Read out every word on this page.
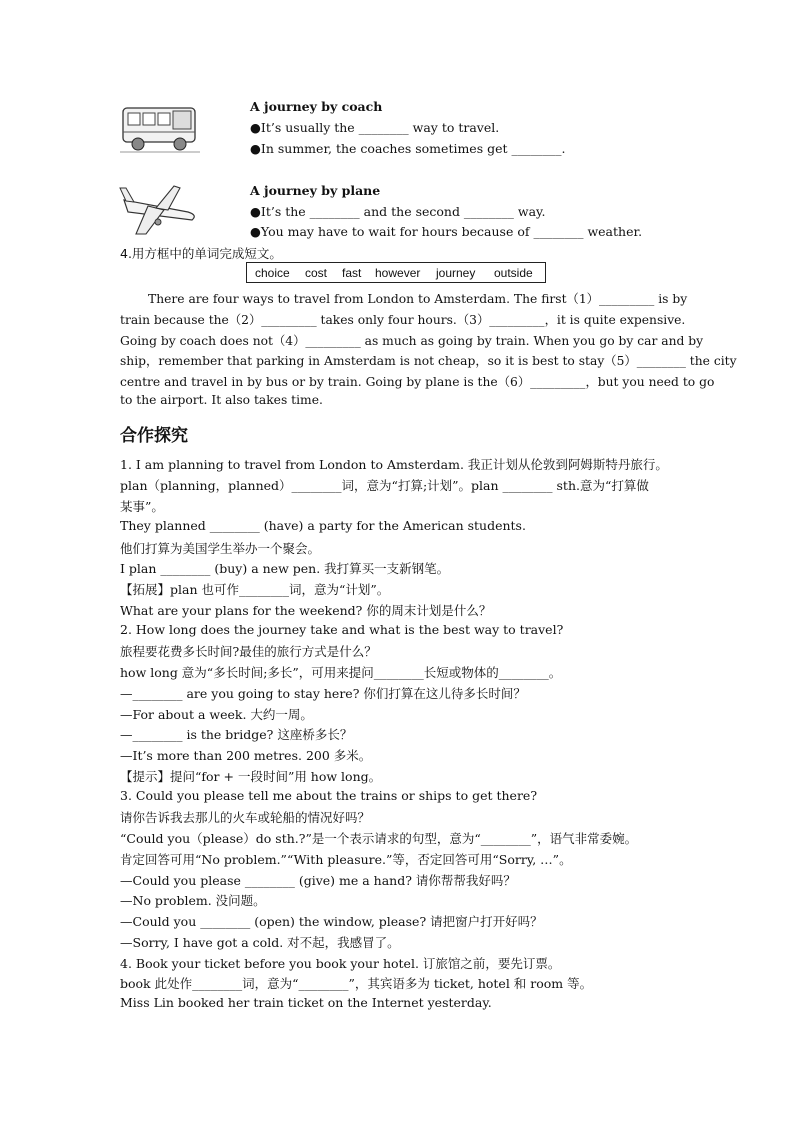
A journey by coach
●It’s usually the ________ way to travel.
●In summer, the coaches sometimes get ________.
A journey by plane
●It’s the ________ and the second ________ way.
●You may have to wait for hours because of ________ weather.
4.用方框中的单词完成短文。
choice cost fast however journey outside
There are four ways to travel from London to Amsterdam. The first（1）_________ is by
train because the（2）_________ takes only four hours.（3）_________，it is quite expensive.
Going by coach does not（4）_________ as much as going by train. When you go by car and by
ship，remember that parking in Amsterdam is not cheap，so it is best to stay（5）________ the city
centre and travel in by bus or by train. Going by plane is the（6）_________，but you need to go
to the airport. It also takes time.
合作探究
1. I am planning to travel from London to Amsterdam. 我正计划从伦敦到阿姆斯特丹旅行。
plan（planning，planned）________词，意为“打算;计划”。plan ________ sth.意为“打算做
某事”。
They planned ________ (have) a party for the American students.
他们打算为美国学生举办一个聚会。
I plan ________ (buy) a new pen. 我打算买一支新钢笔。
【拓展】plan 也可作________词，意为“计划”。
What are your plans for the weekend? 你的周末计划是什么？
2. How long does the journey take and what is the best way to travel?
旅程要花费多长时间?最佳的旅行方式是什么？
how long 意为“多长时间;多长”，可用来提问________长短或物体的________。
—________ are you going to stay here? 你们打算在这儿待多长时间？
—For about a week. 大约一周。
—________ is the bridge? 这座桥多长？
—It’s more than 200 metres. 200 多米。
【提示】提问“for + 一段时间”用 how long。
3. Could you please tell me about the trains or ships to get there?
请你告诉我去那儿的火车或轮船的情况好吗？
“Could you（please）do sth.?”是一个表示请求的句型，意为“________”，语气非常委婉。
肯定回答可用“No problem.”“With pleasure.”等，否定回答可用“Sorry, …”。
—Could you please ________ (give) me a hand? 请你帮帮我好吗？
—No problem. 没问题。
—Could you ________ (open) the window, please? 请把窗户打开好吗？
—Sorry, I have got a cold. 对不起，我感冒了。
4. Book your ticket before you book your hotel. 订旅馆之前，要先订票。
book 此处作________词，意为“________”，其宾语多为 ticket, hotel 和 room 等。
Miss Lin booked her train ticket on the Internet yesterday.
